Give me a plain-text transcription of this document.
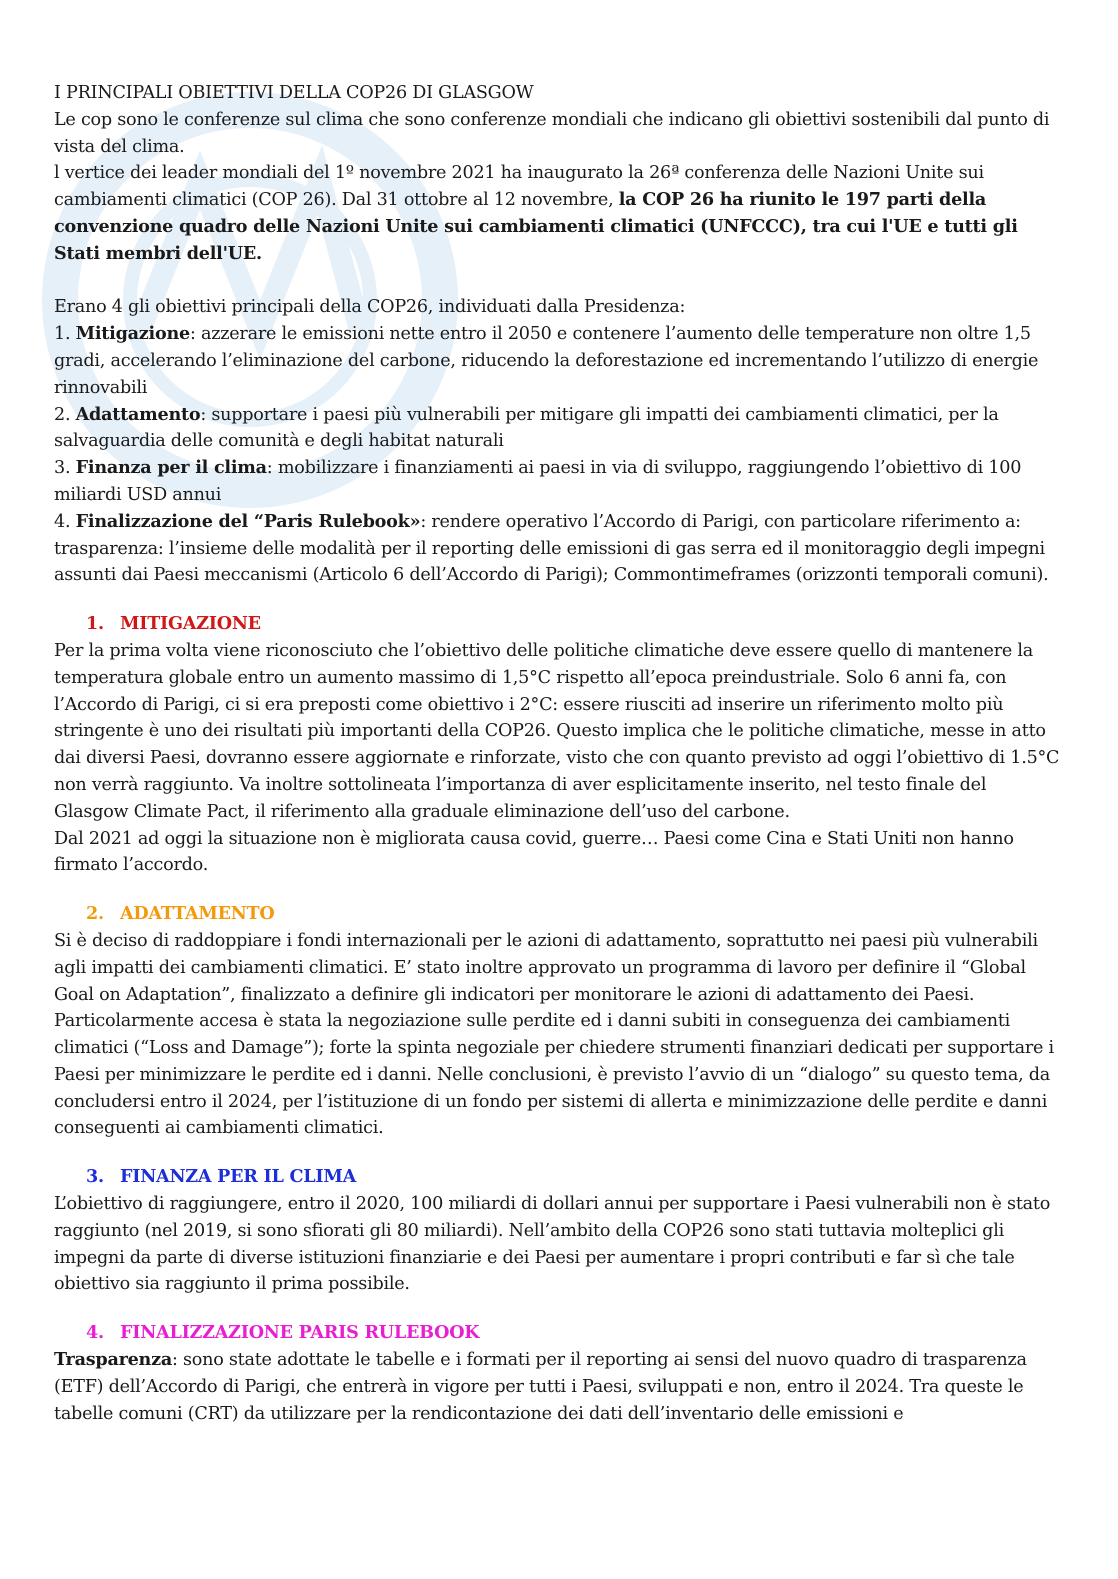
I PRINCIPALI OBIETTIVI DELLA COP26 DI GLASGOW

Le cop sono le conferenze sul clima che sono conferenze mondiali che indicano gli obiettivi sostenibili dal punto di vista del clima.

l vertice dei leader mondiali del 1º novembre 2021 ha inaugurato la 26ª conferenza delle Nazioni Unite sui cambiamenti climatici (COP 26). Dal 31 ottobre al 12 novembre, la COP 26 ha riunito le 197 parti della convenzione quadro delle Nazioni Unite sui cambiamenti climatici (UNFCCC), tra cui l'UE e tutti gli Stati membri dell'UE.

Erano 4 gli obiettivi principali della COP26, individuati dalla Presidenza:

1. Mitigazione: azzerare le emissioni nette entro il 2050 e contenere l’aumento delle temperature non oltre 1,5 gradi, accelerando l’eliminazione del carbone, riducendo la deforestazione ed incrementando l’utilizzo di energie rinnovabili

2. Adattamento: supportare i paesi più vulnerabili per mitigare gli impatti dei cambiamenti climatici, per la salvaguardia delle comunità e degli habitat naturali

3. Finanza per il clima: mobilizzare i finanziamenti ai paesi in via di sviluppo, raggiungendo l’obiettivo di 100 miliardi USD annui

4. Finalizzazione del “Paris Rulebook»: rendere operativo l’Accordo di Parigi, con particolare riferimento a: trasparenza: l’insieme delle modalità per il reporting delle emissioni di gas serra ed il monitoraggio degli impegni assunti dai Paesi meccanismi (Articolo 6 dell’Accordo di Parigi); Commontimeframes (orizzonti temporali comuni).

1. MITIGAZIONE

Per la prima volta viene riconosciuto che l’obiettivo delle politiche climatiche deve essere quello di mantenere la temperatura globale entro un aumento massimo di 1,5°C rispetto all’epoca preindustriale. Solo 6 anni fa, con l’Accordo di Parigi, ci si era preposti come obiettivo i 2°C: essere riusciti ad inserire un riferimento molto più stringente è uno dei risultati più importanti della COP26. Questo implica che le politiche climatiche, messe in atto dai diversi Paesi, dovranno essere aggiornate e rinforzate, visto che con quanto previsto ad oggi l’obiettivo di 1.5°C non verrà raggiunto. Va inoltre sottolineata l’importanza di aver esplicitamente inserito, nel testo finale del Glasgow Climate Pact, il riferimento alla graduale eliminazione dell’uso del carbone.

Dal 2021 ad oggi la situazione non è migliorata causa covid, guerre… Paesi come Cina e Stati Uniti non hanno firmato l’accordo.

2. ADATTAMENTO

Si è deciso di raddoppiare i fondi internazionali per le azioni di adattamento, soprattutto nei paesi più vulnerabili agli impatti dei cambiamenti climatici. E’ stato inoltre approvato un programma di lavoro per definire il “Global Goal on Adaptation”, finalizzato a definire gli indicatori per monitorare le azioni di adattamento dei Paesi. Particolarmente accesa è stata la negoziazione sulle perdite ed i danni subiti in conseguenza dei cambiamenti climatici (“Loss and Damage”); forte la spinta negoziale per chiedere strumenti finanziari dedicati per supportare i Paesi per minimizzare le perdite ed i danni. Nelle conclusioni, è previsto l’avvio di un “dialogo” su questo tema, da concludersi entro il 2024, per l’istituzione di un fondo per sistemi di allerta e minimizzazione delle perdite e danni conseguenti ai cambiamenti climatici.

3. FINANZA PER IL CLIMA

L’obiettivo di raggiungere, entro il 2020, 100 miliardi di dollari annui per supportare i Paesi vulnerabili non è stato raggiunto (nel 2019, si sono sfiorati gli 80 miliardi). Nell’ambito della COP26 sono stati tuttavia molteplici gli impegni da parte di diverse istituzioni finanziarie e dei Paesi per aumentare i propri contributi e far sì che tale obiettivo sia raggiunto il prima possibile.

4. FINALIZZAZIONE PARIS RULEBOOK

Trasparenza: sono state adottate le tabelle e i formati per il reporting ai sensi del nuovo quadro di trasparenza (ETF) dell’Accordo di Parigi, che entrerà in vigore per tutti i Paesi, sviluppati e non, entro il 2024. Tra queste le tabelle comuni (CRT) da utilizzare per la rendicontazione dei dati dell’inventario delle emissioni e
